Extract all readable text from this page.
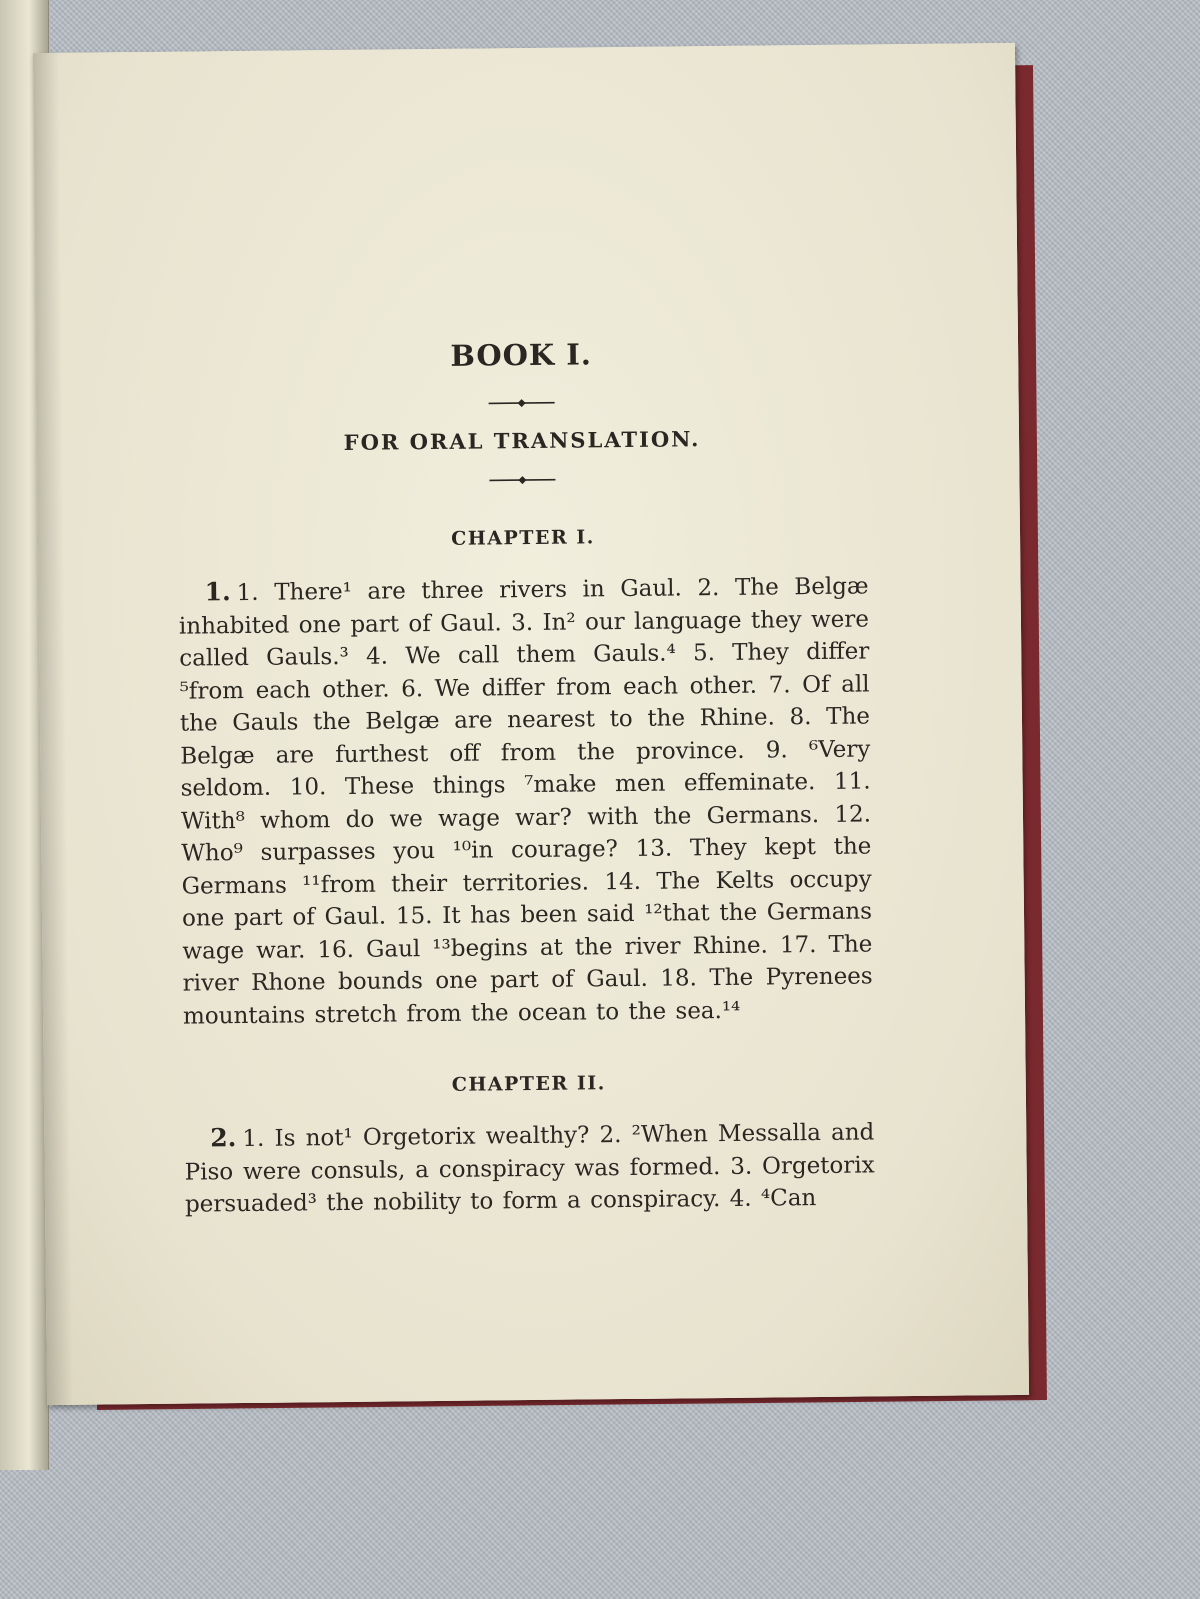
BOOK I.
FOR ORAL TRANSLATION.
CHAPTER I.

1. 1. There¹ are three rivers in Gaul. 2. The Belgæ inhabited one part of Gaul. 3. In² our language they were called Gauls.³ 4. We call them Gauls.⁴ 5. They differ ⁵from each other. 6. We differ from each other. 7. Of all the Gauls the Belgæ are nearest to the Rhine. 8. The Belgæ are furthest off from the province. 9. ⁶Very seldom. 10. These things ⁷make men effeminate. 11. With⁸ whom do we wage war? with the Germans. 12. Who⁹ surpasses you ¹⁰in courage? 13. They kept the Germans ¹¹from their territories. 14. The Kelts occupy one part of Gaul. 15. It has been said ¹²that the Germans wage war. 16. Gaul ¹³begins at the river Rhine. 17. The river Rhone bounds one part of Gaul. 18. The Pyrenees mountains stretch from the ocean to the sea.¹⁴

CHAPTER II.

2. 1. Is not¹ Orgetorix wealthy? 2. ²When Messalla and Piso were consuls, a conspiracy was formed. 3. Orgetorix persuaded³ the nobility to form a conspiracy. 4. ⁴Can
